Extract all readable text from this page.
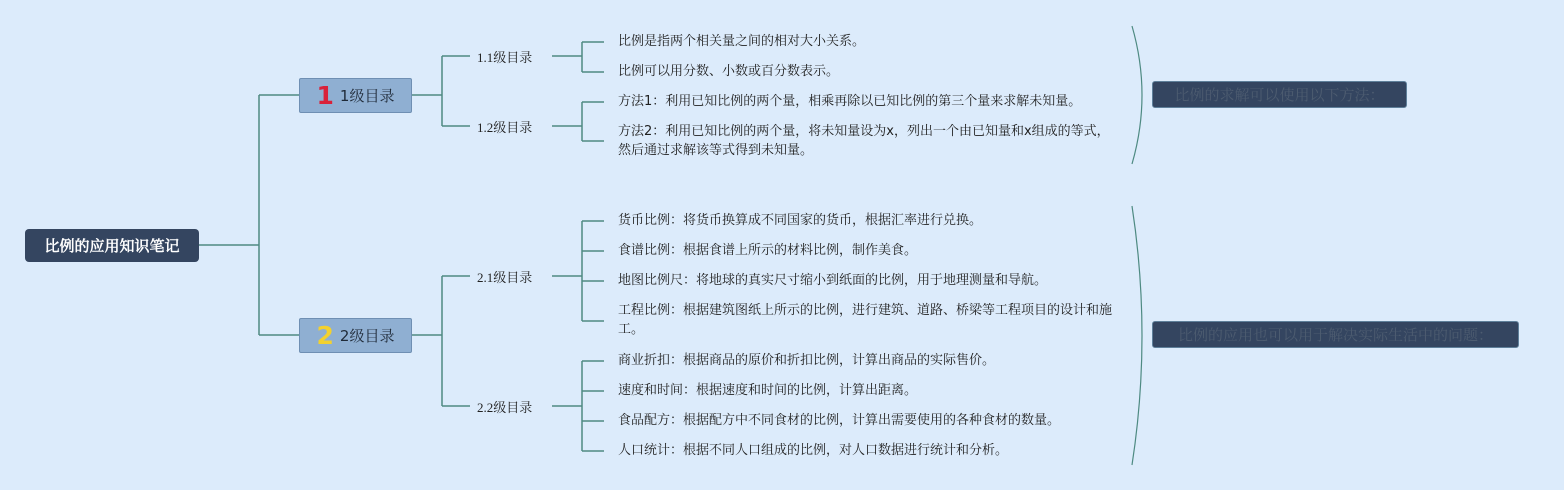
比例的应用知识笔记
1 1级目录
2 2级目录
1.1级目录
1.2级目录
2.1级目录
2.2级目录
比例是指两个相关量之间的相对大小关系。
比例可以用分数、小数或百分数表示。
方法1：利用已知比例的两个量，相乘再除以已知比例的第三个量来求解未知量。
方法2：利用已知比例的两个量，将未知量设为x，列出一个由已知量和x组成的等式，然后通过求解该等式得到未知量。
货币比例：将货币换算成不同国家的货币，根据汇率进行兑换。
食谱比例：根据食谱上所示的材料比例，制作美食。
地图比例尺：将地球的真实尺寸缩小到纸面的比例，用于地理测量和导航。
工程比例：根据建筑图纸上所示的比例，进行建筑、道路、桥梁等工程项目的设计和施工。
商业折扣：根据商品的原价和折扣比例，计算出商品的实际售价。
速度和时间：根据速度和时间的比例，计算出距离。
食品配方：根据配方中不同食材的比例，计算出需要使用的各种食材的数量。
人口统计：根据不同人口组成的比例，对人口数据进行统计和分析。
比例的求解可以使用以下方法：
比例的应用也可以用于解决实际生活中的问题：
